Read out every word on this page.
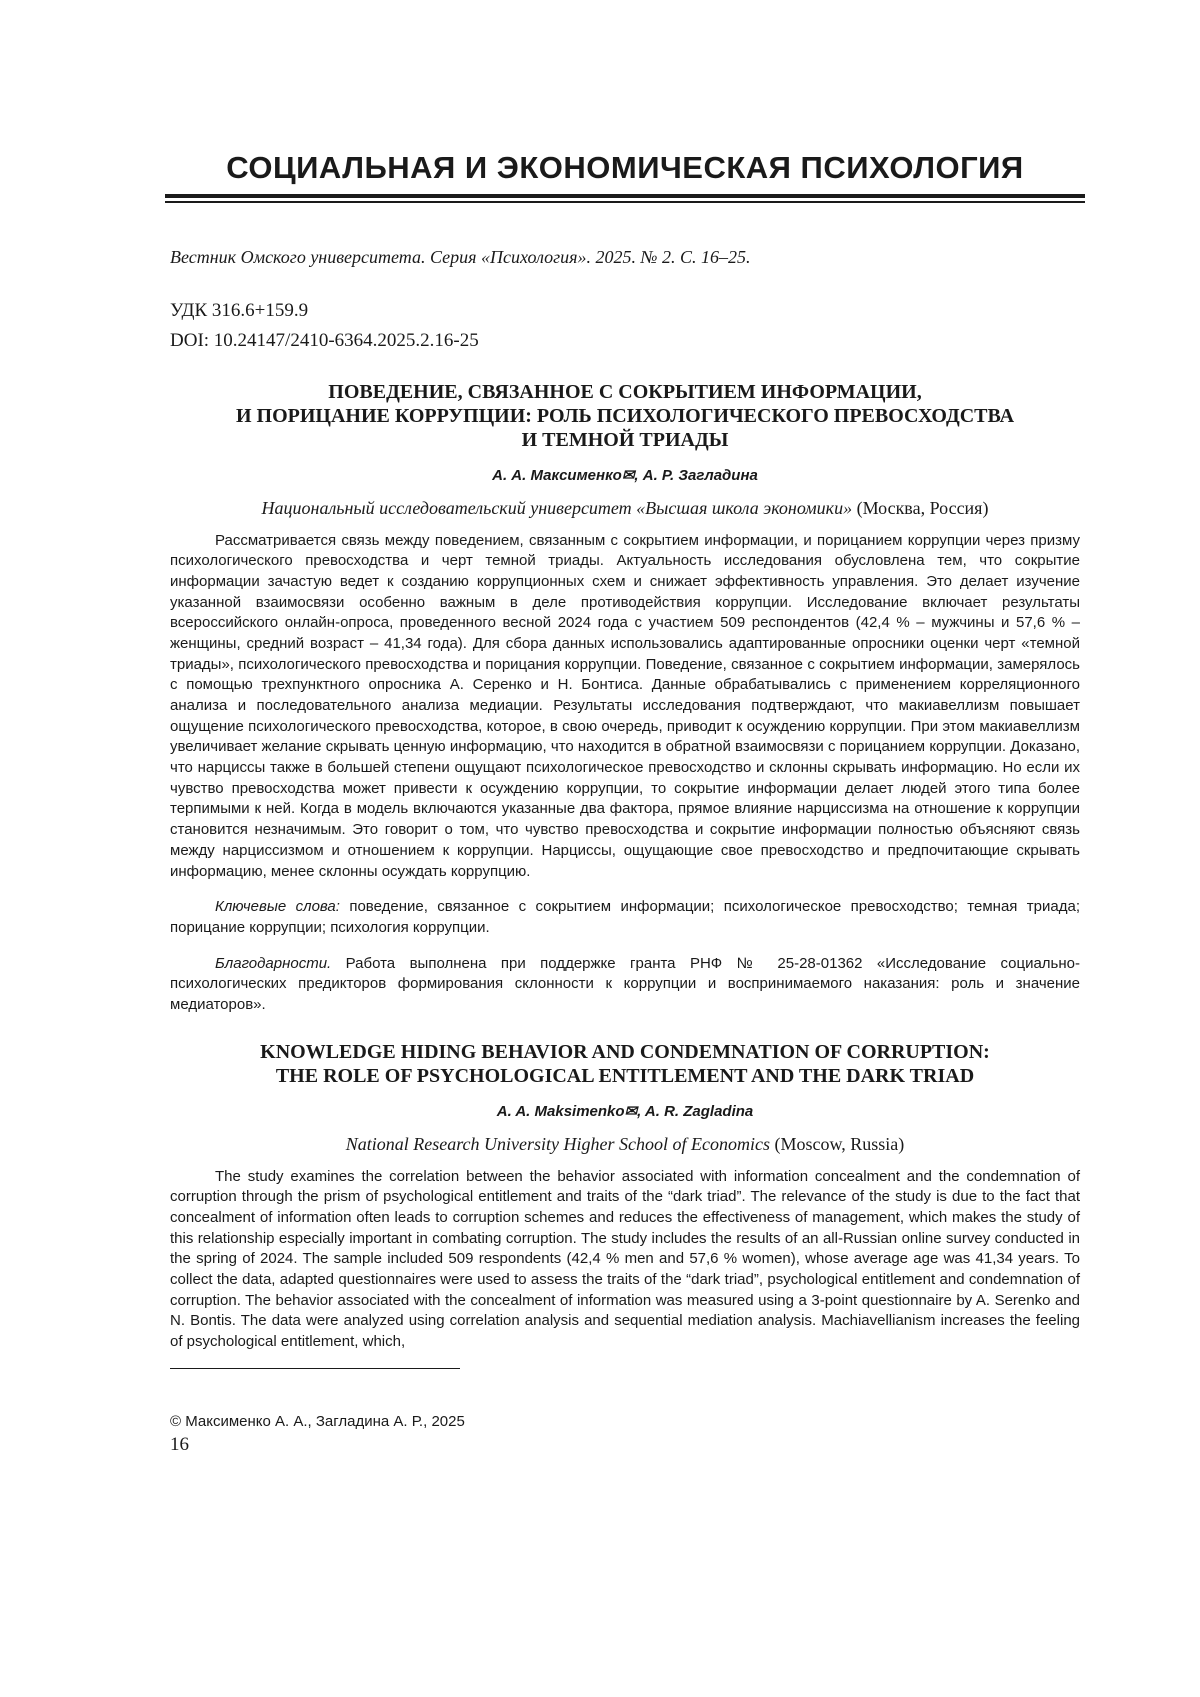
СОЦИАЛЬНАЯ И ЭКОНОМИЧЕСКАЯ ПСИХОЛОГИЯ
Вестник Омского университета. Серия «Психология». 2025. № 2. С. 16–25.
УДК 316.6+159.9
DOI: 10.24147/2410-6364.2025.2.16-25
ПОВЕДЕНИЕ, СВЯЗАННОЕ С СОКРЫТИЕМ ИНФОРМАЦИИ,
И ПОРИЦАНИЕ КОРРУПЦИИ: РОЛЬ ПСИХОЛОГИЧЕСКОГО ПРЕВОСХОДСТВА
И ТЕМНОЙ ТРИАДЫ
А. А. Максименко✉, А. Р. Загладина
Национальный исследовательский университет «Высшая школа экономики» (Москва, Россия)

Рассматривается связь между поведением, связанным с сокрытием информации, и порицанием коррупции через призму психологического превосходства и черт темной триады. Актуальность исследования обусловлена тем, что сокрытие информации зачастую ведет к созданию коррупционных схем и снижает эффективность управления. Это делает изучение указанной взаимосвязи особенно важным в деле противодействия коррупции. Исследование включает результаты всероссийского онлайн-опроса, проведенного весной 2024 года с участием 509 респондентов (42,4 % – мужчины и 57,6 % – женщины, средний возраст – 41,34 года). Для сбора данных использовались адаптированные опросники оценки черт «темной триады», психологического превосходства и порицания коррупции. Поведение, связанное с сокрытием информации, замерялось с помощью трехпунктного опросника А. Серенко и Н. Бонтиса. Данные обрабатывались с применением корреляционного анализа и последовательного анализа медиации. Результаты исследования подтверждают, что макиавеллизм повышает ощущение психологического превосходства, которое, в свою очередь, приводит к осуждению коррупции. При этом макиавеллизм увеличивает желание скрывать ценную информацию, что находится в обратной взаимосвязи с порицанием коррупции. Доказано, что нарциссы также в большей степени ощущают психологическое превосходство и склонны скрывать информацию. Но если их чувство превосходства может привести к осуждению коррупции, то сокрытие информации делает людей этого типа более терпимыми к ней. Когда в модель включаются указанные два фактора, прямое влияние нарциссизма на отношение к коррупции становится незначимым. Это говорит о том, что чувство превосходства и сокрытие информации полностью объясняют связь между нарциссизмом и отношением к коррупции. Нарциссы, ощущающие свое превосходство и предпочитающие скрывать информацию, менее склонны осуждать коррупцию.

Ключевые слова: поведение, связанное с сокрытием информации; психологическое превосходство; темная триада; порицание коррупции; психология коррупции.

Благодарности. Работа выполнена при поддержке гранта РНФ № 25-28-01362 «Исследование социально-психологических предикторов формирования склонности к коррупции и воспринимаемого наказания: роль и значение медиаторов».

KNOWLEDGE HIDING BEHAVIOR AND CONDEMNATION OF CORRUPTION:
THE ROLE OF PSYCHOLOGICAL ENTITLEMENT AND THE DARK TRIAD
A. A. Maksimenko✉, A. R. Zagladina
National Research University Higher School of Economics (Moscow, Russia)

The study examines the correlation between the behavior associated with information concealment and the condemnation of corruption through the prism of psychological entitlement and traits of the “dark triad”. The relevance of the study is due to the fact that concealment of information often leads to corruption schemes and reduces the effectiveness of management, which makes the study of this relationship especially important in combating corruption. The study includes the results of an all-Russian online survey conducted in the spring of 2024. The sample included 509 respondents (42,4 % men and 57,6 % women), whose average age was 41,34 years. To collect the data, adapted questionnaires were used to assess the traits of the “dark triad”, psychological entitlement and condemnation of corruption. The behavior associated with the concealment of information was measured using a 3-point questionnaire by A. Serenko and N. Bontis. The data were analyzed using correlation analysis and sequential mediation analysis. Machiavellianism increases the feeling of psychological entitlement, which,

© Максименко А. А., Загладина А. Р., 2025
16
